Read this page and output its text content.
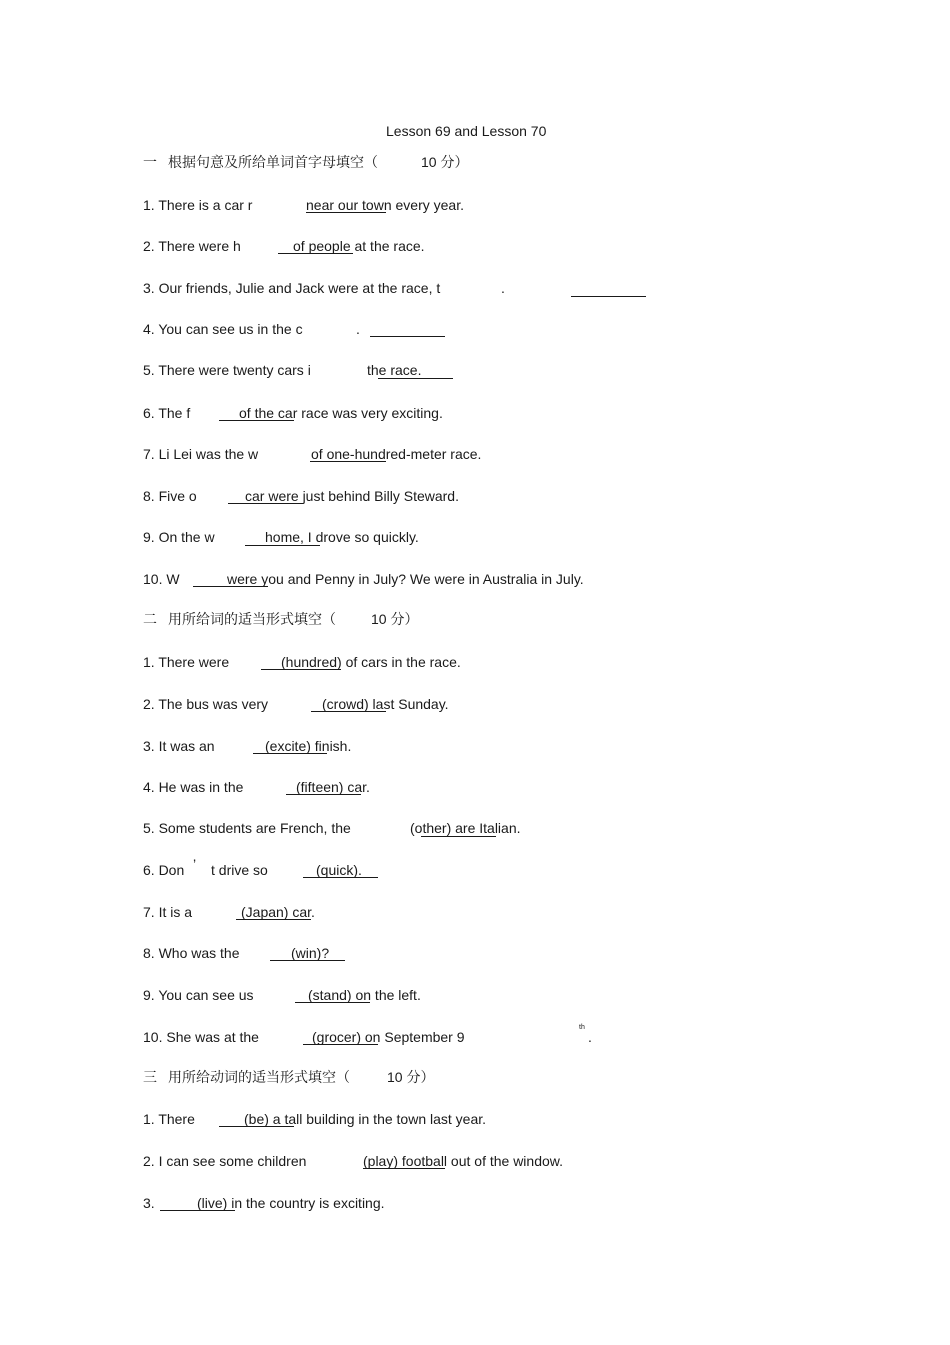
Lesson 69 and Lesson 70
一 根据句意及所给单词首字母填空（	10 分）
1. There is a car r	near our town every year.
2. There were h	of people at the race.
3. Our friends, Julie and Jack were at the race, t	.
4. You can see us in the c	.
5. There were twenty cars i	the race.
6. The f	of the car race was very exciting.
7. Li Lei was the w	of one-hundred-meter race.
8. Five o	car were just behind Billy Steward.
9. On the w	home, I drove so quickly.
10. W	were you and Penny in July? We were in Australia in July.
二 用所给词的适当形式填空（	10 分）
1. There were	(hundred) of cars in the race.
2. The bus was very	(crowd) last Sunday.
3. It was an	(excite) finish.
4. He was in the	(fifteen) car.
5. Some students are French, the	(other) are Italian.
6. Don ’ t drive so	(quick).
7. It is a	(Japan) car.
8. Who was the	(win)?
9. You can see us	(stand) on the left.
10. She was at the	(grocer) on September 9
th
.
三 用所给动词的适当形式填空（	10 分）
1. There	(be) a tall building in the town last year.
2. I can see some children	(play) football out of the window.
3.	(live) in the country is exciting.
